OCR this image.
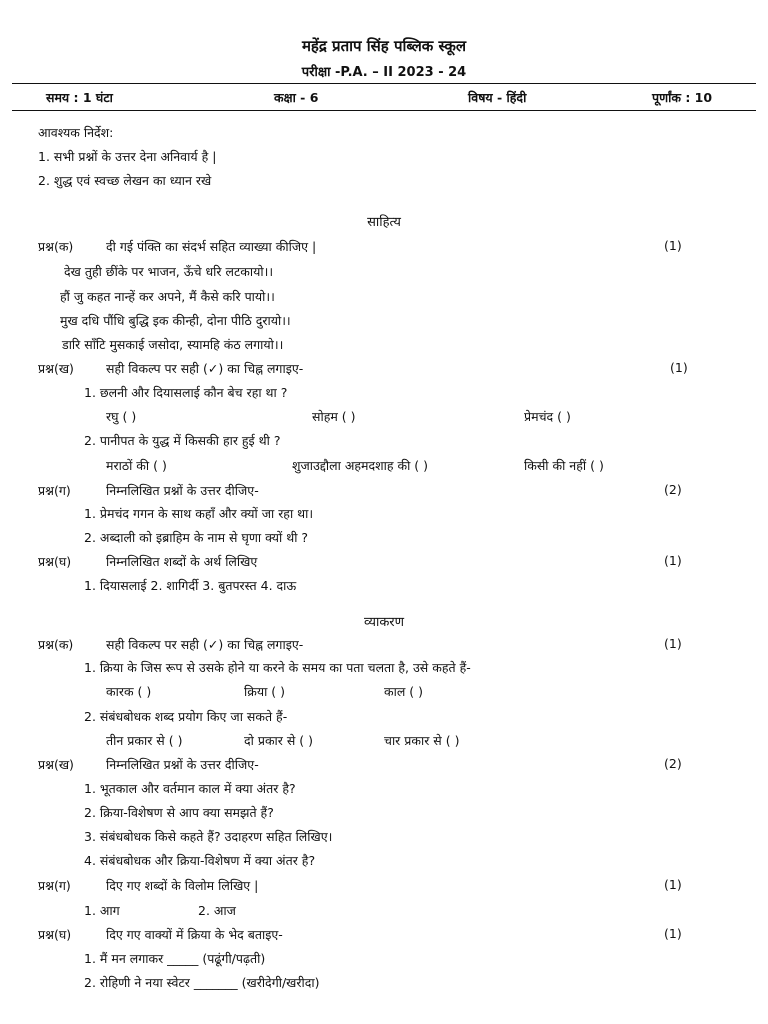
महेंद्र प्रताप सिंह पब्लिक स्कूल
परीक्षा -P.A. – II 2023 - 24
समय : 1 घंटा	कक्षा - 6	विषय - हिंदी	पूर्णांक : 10
आवश्यक निर्देश:
1. सभी प्रश्नों के उत्तर देना अनिवार्य है |
2. शुद्ध एवं स्वच्छ लेखन का ध्यान रखे
साहित्य
प्रश्न(क)	दी गई पंक्ति का संदर्भ सहित व्याख्या कीजिए |	(1)
देख तुही छींके पर भाजन, ऊँचे धरि लटकायो।।
हौं जु कहत नान्हें कर अपने, मैं कैसे करि पायो।।
मुख दधि पौंधि बुद्धि इक कीन्ही, दोना पीठि दुरायो।।
डारि साँटि मुसकाई जसोदा, स्यामहि कंठ लगायो।।
प्रश्न(ख)	सही विकल्प पर सही (✓) का चिह्न लगाइए-	(1)
1. छलनी और दियासलाई कौन बेच रहा था ?
रघु ( )	सोहम ( )	प्रेमचंद ( )
2. पानीपत के युद्ध में किसकी हार हुई थी ?
मराठों की ( )	शुजाउद्दौला अहमदशाह की ( )	किसी की नहीं ( )
प्रश्न(ग)	निम्नलिखित प्रश्नों के उत्तर दीजिए-	(2)
1. प्रेमचंद गगन के साथ कहाँ और क्यों जा रहा था।
2. अब्दाली को इब्राहिम के नाम से घृणा क्यों थी ?
प्रश्न(घ)	निम्नलिखित शब्दों के अर्थ लिखिए	(1)
1. दियासलाई 2. शागिर्दी 3. बुतपरस्त 4. दाऊ
व्याकरण
प्रश्न(क)	सही विकल्प पर सही (✓) का चिह्न लगाइए-	(1)
1. क्रिया के जिस रूप से उसके होने या करने के समय का पता चलता है, उसे कहते हैं-
कारक ( )	क्रिया ( )	काल ( )
2. संबंधबोधक शब्द प्रयोग किए जा सकते हैं-
तीन प्रकार से ( )	दो प्रकार से ( )	चार प्रकार से ( )
प्रश्न(ख)	निम्नलिखित प्रश्नों के उत्तर दीजिए-	(2)
1. भूतकाल और वर्तमान काल में क्या अंतर है?
2. क्रिया-विशेषण से आप क्या समझते हैं?
3. संबंधबोधक किसे कहते हैं? उदाहरण सहित लिखिए।
4. संबंधबोधक और क्रिया-विशेषण में क्या अंतर है?
प्रश्न(ग)	दिए गए शब्दों के विलोम लिखिए |	(1)
1. आग	2. आज
प्रश्न(घ)	दिए गए वाक्यों में क्रिया के भेद बताइए-	(1)
1. मैं मन लगाकर _____ (पढूंगी/पढ़ती)
2. रोहिणी ने नया स्वेटर _______ (खरीदेगी/खरीदा)
